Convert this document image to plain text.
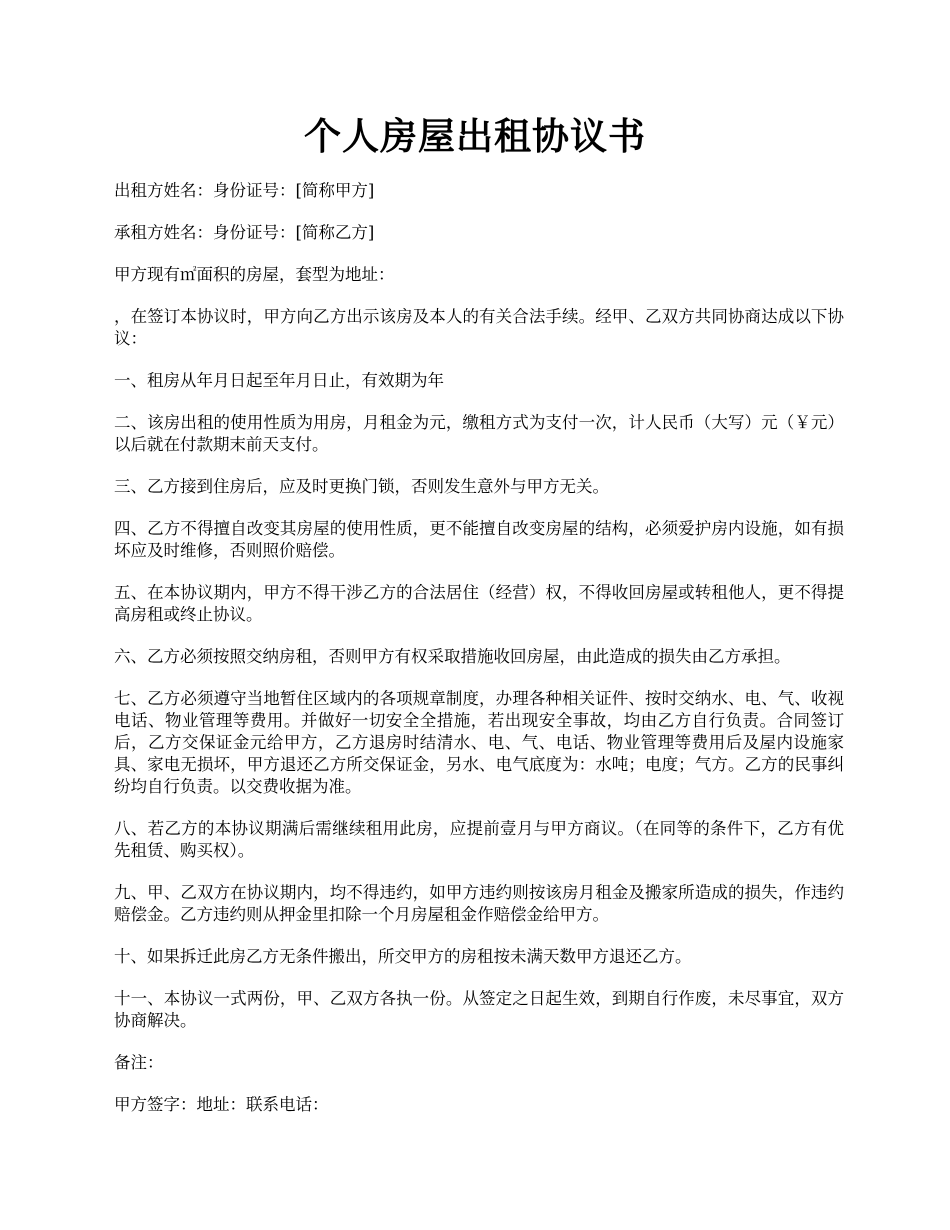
个人房屋出租协议书

出租方姓名：身份证号：[简称甲方]

承租方姓名：身份证号：[简称乙方]

甲方现有㎡面积的房屋，套型为地址：

，在签订本协议时，甲方向乙方出示该房及本人的有关合法手续。经甲、乙双方共同协商达成以下协议：

一、租房从年月日起至年月日止，有效期为年

二、该房出租的使用性质为用房，月租金为元，缴租方式为支付一次，计人民币（大写）元（￥元）以后就在付款期末前天支付。

三、乙方接到住房后，应及时更换门锁，否则发生意外与甲方无关。

四、乙方不得擅自改变其房屋的使用性质，更不能擅自改变房屋的结构，必须爱护房内设施，如有损坏应及时维修，否则照价赔偿。

五、在本协议期内，甲方不得干涉乙方的合法居住（经营）权，不得收回房屋或转租他人，更不得提高房租或终止协议。

六、乙方必须按照交纳房租，否则甲方有权采取措施收回房屋，由此造成的损失由乙方承担。

七、乙方必须遵守当地暂住区域内的各项规章制度，办理各种相关证件、按时交纳水、电、气、收视电话、物业管理等费用。并做好一切安全全措施，若出现安全事故，均由乙方自行负责。合同签订后，乙方交保证金元给甲方，乙方退房时结清水、电、气、电话、物业管理等费用后及屋内设施家具、家电无损坏，甲方退还乙方所交保证金，另水、电气底度为：水吨；电度；气方。乙方的民事纠纷均自行负责。以交费收据为准。

八、若乙方的本协议期满后需继续租用此房，应提前壹月与甲方商议。（在同等的条件下，乙方有优先租赁、购买权）。

九、甲、乙双方在协议期内，均不得违约，如甲方违约则按该房月租金及搬家所造成的损失，作违约赔偿金。乙方违约则从押金里扣除一个月房屋租金作赔偿金给甲方。

十、如果拆迁此房乙方无条件搬出，所交甲方的房租按未满天数甲方退还乙方。

十一、本协议一式两份，甲、乙双方各执一份。从签定之日起生效，到期自行作废，未尽事宜，双方协商解决。

备注：

甲方签字：地址：联系电话：
